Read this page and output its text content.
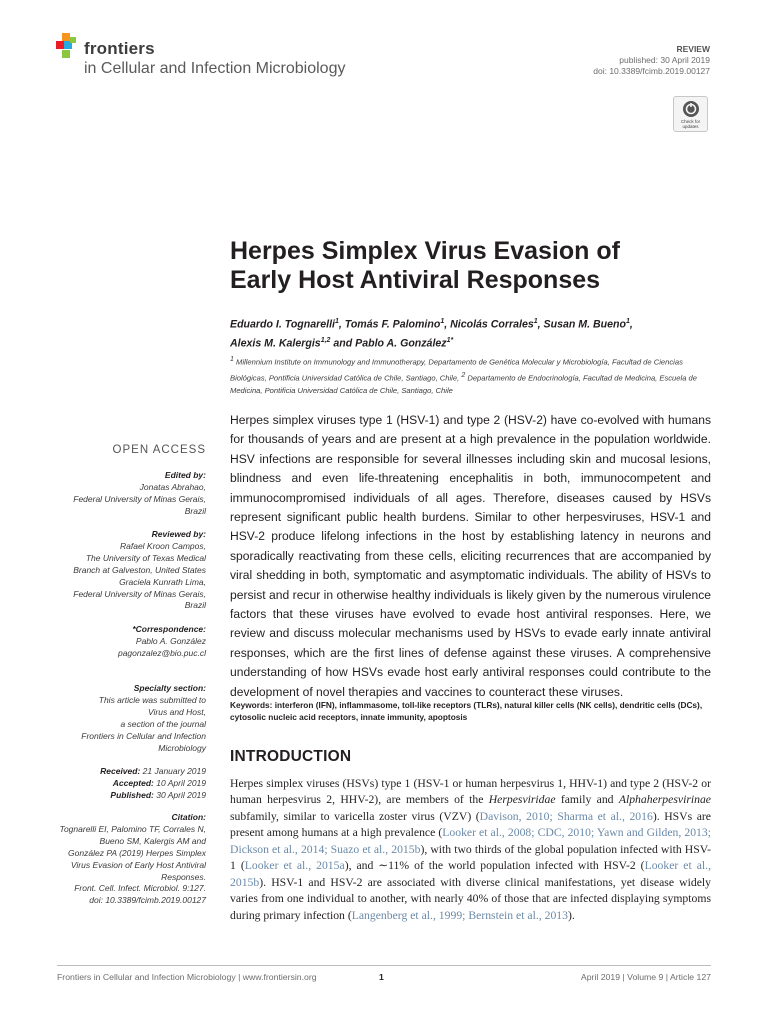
frontiers
in Cellular and Infection Microbiology
REVIEW
published: 30 April 2019
doi: 10.3389/fcimb.2019.00127
Check for
updates
Herpes Simplex Virus Evasion of
Early Host Antiviral Responses
Eduardo I. Tognarelli$^1$, Tomás F. Palomino$^1$, Nicolás Corrales$^1$, Susan M. Bueno$^1$,
Alexis M. Kalergis$^{1,2}$ and Pablo A. González$^{1*}$
$^1$ Millennium Institute on Immunology and Immunotherapy, Departamento de Genética Molecular y Microbiología, Facultad de Ciencias Biológicas, Pontificia Universidad Católica de Chile, Santiago, Chile, $^2$ Departamento de Endocrinología, Facultad de Medicina, Escuela de Medicina, Pontificia Universidad Católica de Chile, Santiago, Chile
Herpes simplex viruses type 1 (HSV-1) and type 2 (HSV-2) have co-evolved with humans for thousands of years and are present at a high prevalence in the population worldwide. HSV infections are responsible for several illnesses including skin and mucosal lesions, blindness and even life-threatening encephalitis in both, immunocompetent and immunocompromised individuals of all ages. Therefore, diseases caused by HSVs represent significant public health burdens. Similar to other herpesviruses, HSV-1 and HSV-2 produce lifelong infections in the host by establishing latency in neurons and sporadically reactivating from these cells, eliciting recurrences that are accompanied by viral shedding in both, symptomatic and asymptomatic individuals. The ability of HSVs to persist and recur in otherwise healthy individuals is likely given by the numerous virulence factors that these viruses have evolved to evade host antiviral responses. Here, we review and discuss molecular mechanisms used by HSVs to evade early innate antiviral responses, which are the first lines of defense against these viruses. A comprehensive understanding of how HSVs evade host early antiviral responses could contribute to the development of novel therapies and vaccines to counteract these viruses.
Keywords: interferon (IFN), inflammasome, toll-like receptors (TLRs), natural killer cells (NK cells), dendritic cells (DCs), cytosolic nucleic acid receptors, innate immunity, apoptosis
INTRODUCTION
Herpes simplex viruses (HSVs) type 1 (HSV-1 or human herpesvirus 1, HHV-1) and type 2 (HSV-2 or human herpesvirus 2, HHV-2), are members of the Herpesviridae family and Alphaherpesvirinae subfamily, similar to varicella zoster virus (VZV) (Davison, 2010; Sharma et al., 2016). HSVs are present among humans at a high prevalence (Looker et al., 2008; CDC, 2010; Yawn and Gilden, 2013; Dickson et al., 2014; Suazo et al., 2015b), with two thirds of the global population infected with HSV-1 (Looker et al., 2015a), and ∼11% of the world population infected with HSV-2 (Looker et al., 2015b). HSV-1 and HSV-2 are associated with diverse clinical manifestations, yet disease widely varies from one individual to another, with nearly 40% of those that are infected displaying symptoms during primary infection (Langenberg et al., 1999; Bernstein et al., 2013).
OPEN ACCESS
Edited by:
Jonatas Abrahao,
Federal University of Minas Gerais,
Brazil
Reviewed by:
Rafael Kroon Campos,
The University of Texas Medical
Branch at Galveston, United States
Graciela Kunrath Lima,
Federal University of Minas Gerais,
Brazil
*Correspondence:
Pablo A. González
pagonzalez@bio.puc.cl
Specialty section:
This article was submitted to
Virus and Host,
a section of the journal
Frontiers in Cellular and Infection
Microbiology
Received: 21 January 2019
Accepted: 10 April 2019
Published: 30 April 2019
Citation:
Tognarelli EI, Palomino TF, Corrales N,
Bueno SM, Kalergis AM and
González PA (2019) Herpes Simplex
Virus Evasion of Early Host Antiviral
Responses.
Front. Cell. Infect. Microbiol. 9:127.
doi: 10.3389/fcimb.2019.00127
Frontiers in Cellular and Infection Microbiology | www.frontiersin.org	1	April 2019 | Volume 9 | Article 127
